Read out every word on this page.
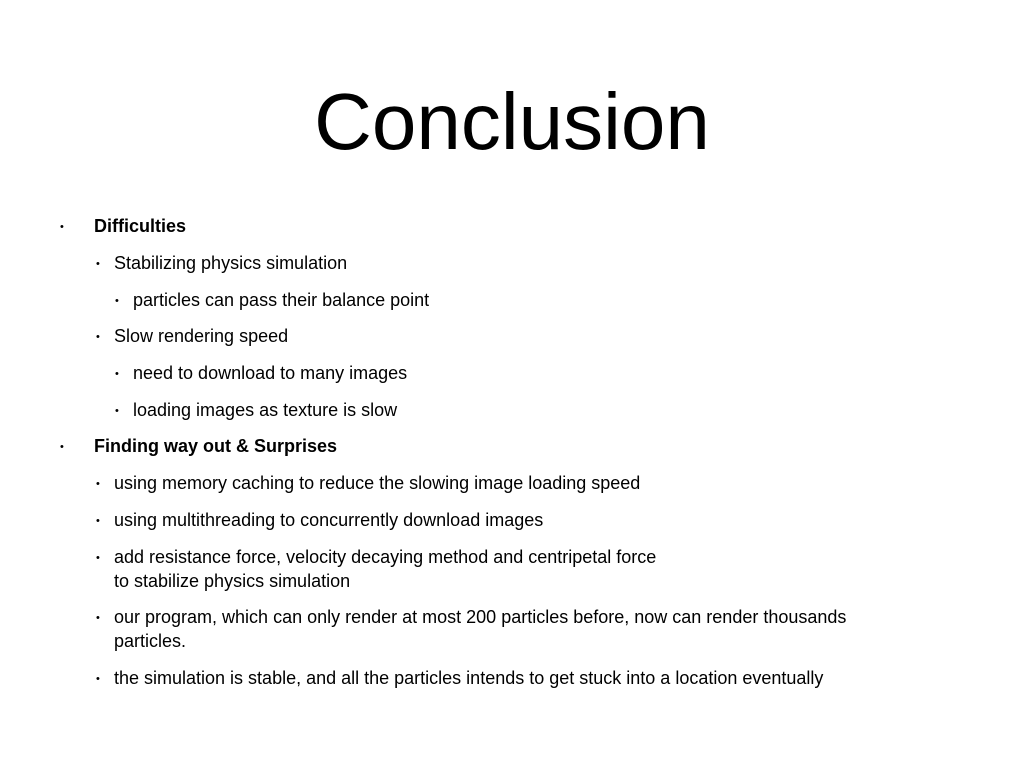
Conclusion
• Difficulties
• Stabilizing physics simulation
• particles can pass their balance point
• Slow rendering speed
• need to download to many images
• loading images as texture is slow
• Finding way out & Surprises
• using memory caching to reduce the slowing image loading speed
• using multithreading to concurrently download images
• add resistance force, velocity decaying method and centripetal force
to stabilize physics simulation
• our program, which can only render at most 200 particles before, now can render thousands
particles.
• the simulation is stable, and all the particles intends to get stuck into a location eventually
